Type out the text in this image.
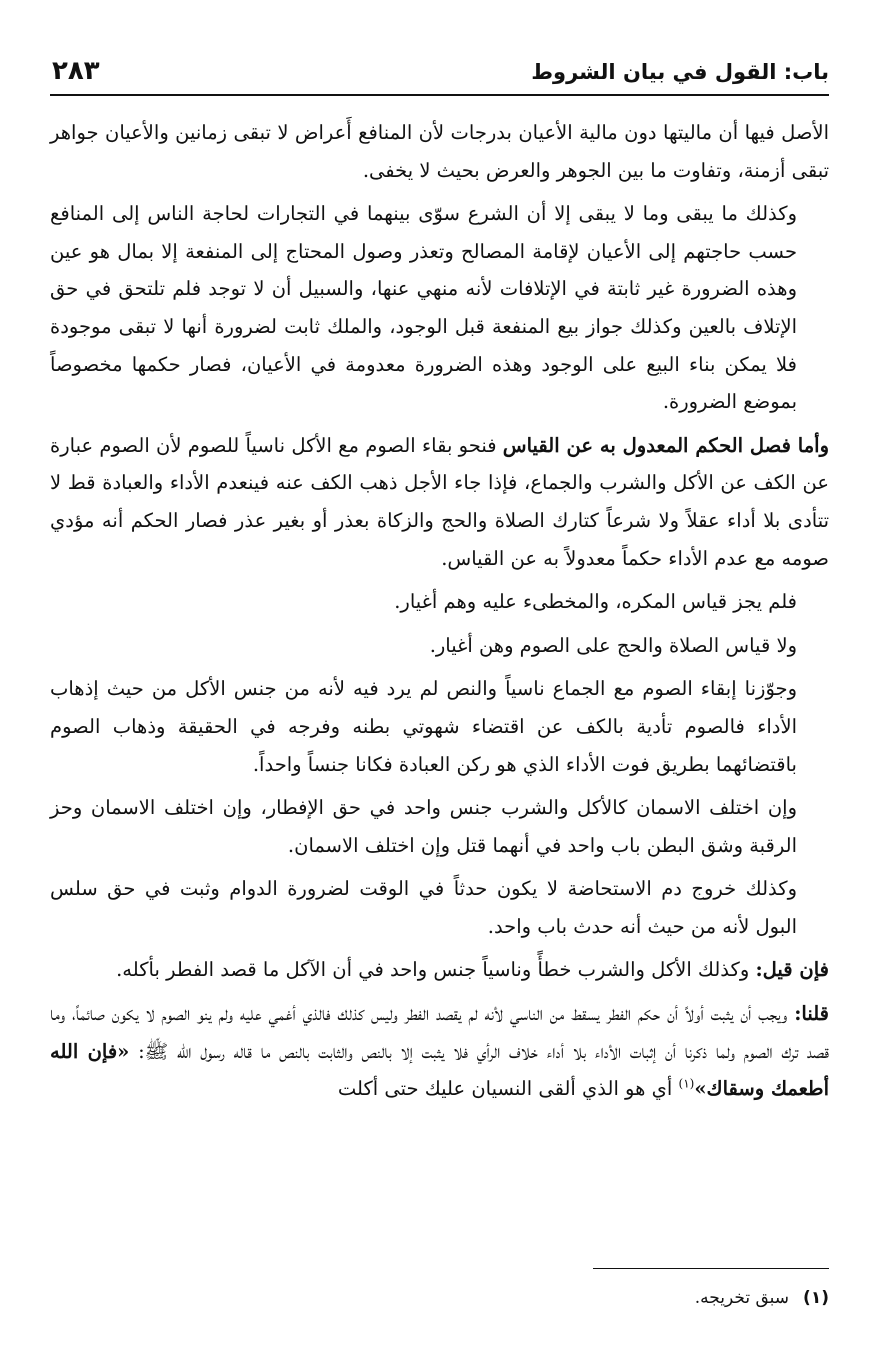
باب: القول في بيان الشروط
٢٨٣

الأصل فيها أن ماليتها دون مالية الأعيان بدرجات لأن المنافع أَعراض لا تبقى زمانين والأعيان جواهر تبقى أزمنة، وتفاوت ما بين الجوهر والعرض بحيث لا يخفى.

وكذلك ما يبقى وما لا يبقى إلا أن الشرع سوّى بينهما في التجارات لحاجة الناس إلى المنافع حسب حاجتهم إلى الأعيان لإقامة المصالح وتعذر وصول المحتاج إلى المنفعة إلا بمال هو عين وهذه الضرورة غير ثابتة في الإتلافات لأنه منهي عنها، والسبيل أن لا توجد فلم تلتحق في حق الإتلاف بالعين وكذلك جواز بيع المنفعة قبل الوجود، والملك ثابت لضرورة أنها لا تبقى موجودة فلا يمكن بناء البيع على الوجود وهذه الضرورة معدومة في الأعيان، فصار حكمها مخصوصاً بموضع الضرورة.

وأما فصل الحكم المعدول به عن القياس فنحو بقاء الصوم مع الأكل ناسياً للصوم لأن الصوم عبارة عن الكف عن الأكل والشرب والجماع، فإذا جاء الأجل ذهب الكف عنه فينعدم الأداء والعبادة قط لا تتأدى بلا أداء عقلاً ولا شرعاً كتارك الصلاة والحج والزكاة بعذر أو بغير عذر فصار الحكم أنه مؤدي صومه مع عدم الأداء حكماً معدولاً به عن القياس.

فلم يجز قياس المكره، والمخطىء عليه وهم أغيار.

ولا قياس الصلاة والحج على الصوم وهن أغيار.

وجوّزنا إبقاء الصوم مع الجماع ناسياً والنص لم يرد فيه لأنه من جنس الأكل من حيث إذهاب الأداء فالصوم تأدية بالكف عن اقتضاء شهوتي بطنه وفرجه في الحقيقة وذهاب الصوم باقتضائهما بطريق فوت الأداء الذي هو ركن العبادة فكانا جنساً واحداً.

وإن اختلف الاسمان كالأكل والشرب جنس واحد في حق الإفطار، وإن اختلف الاسمان وحز الرقبة وشق البطن باب واحد في أنهما قتل وإن اختلف الاسمان.

وكذلك خروج دم الاستحاضة لا يكون حدثاً في الوقت لضرورة الدوام وثبت في حق سلس البول لأنه من حيث أنه حدث باب واحد.

فإن قيل: وكذلك الأكل والشرب خطأً وناسياً جنس واحد في أن الآكل ما قصد الفطر بأكله.

قلنا: ويجب أن يثبت أولاً أن حكم الفطر يسقط من الناسي لأنه لم يقصد الفطر وليس كذلك فالذي أغمي عليه ولم ينو الصوم لا يكون صائماً، وما قصد ترك الصوم ولما ذكرنا أن إثبات الأداء بلا أداء خلاف الرأي فلا يثبت إلا بالنص والثابت بالنص ما قاله رسول الله ﷺ: «فإن الله أطعمك وسقاك»$^{(١)}$ أي هو الذي ألقى النسيان عليك حتى أكلت

(١)سبق تخريجه.
